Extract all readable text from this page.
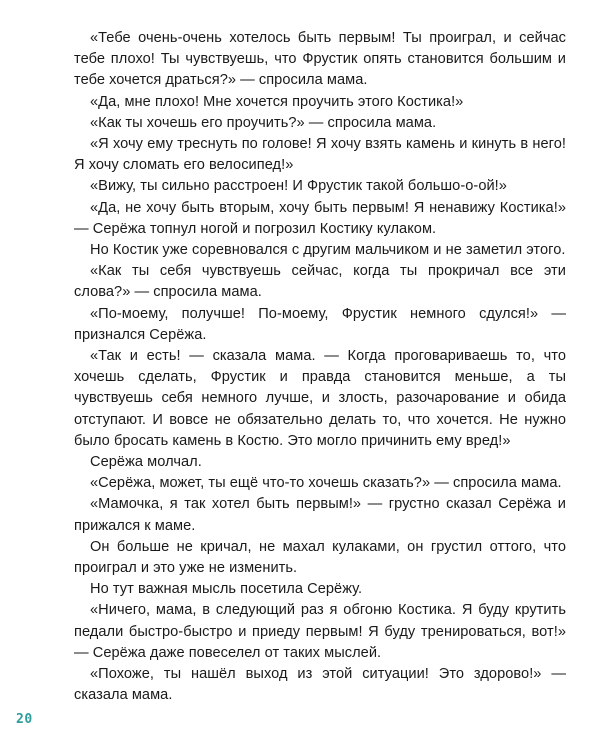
«Тебе очень-очень хотелось быть первым! Ты проиграл, и сейчас тебе плохо! Ты чувствуешь, что Фрустик опять становится большим и тебе хочется драться?» — спросила мама.

«Да, мне плохо! Мне хочется проучить этого Костика!»

«Как ты хочешь его проучить?» — спросила мама.

«Я хочу ему треснуть по голове! Я хочу взять камень и кинуть в него! Я хочу сломать его велосипед!»

«Вижу, ты сильно расстроен! И Фрустик такой большо-о-ой!»

«Да, не хочу быть вторым, хочу быть первым! Я ненавижу Костика!» — Серёжа топнул ногой и погрозил Костику кулаком.

Но Костик уже соревновался с другим мальчиком и не заметил этого.

«Как ты себя чувствуешь сейчас, когда ты прокричал все эти слова?» — спросила мама.

«По-моему, получше! По-моему, Фрустик немного сдулся!» — признался Серёжа.

«Так и есть! — сказала мама. — Когда проговариваешь то, что хочешь сделать, Фрустик и правда становится меньше, а ты чувствуешь себя немного лучше, и злость, разочарование и обида отступают. И вовсе не обязательно делать то, что хочется. Не нужно было бросать камень в Костю. Это могло причинить ему вред!»

Серёжа молчал.

«Серёжа, может, ты ещё что-то хочешь сказать?» — спросила мама.

«Мамочка, я так хотел быть первым!» — грустно сказал Серёжа и прижался к маме.

Он больше не кричал, не махал кулаками, он грустил оттого, что проиграл и это уже не изменить.

Но тут важная мысль посетила Серёжу.

«Ничего, мама, в следующий раз я обгоню Костика. Я буду крутить педали быстро-быстро и приеду первым! Я буду тренироваться, вот!» — Серёжа даже повеселел от таких мыслей.

«Похоже, ты нашёл выход из этой ситуации! Это здорово!» — сказала мама.

20
